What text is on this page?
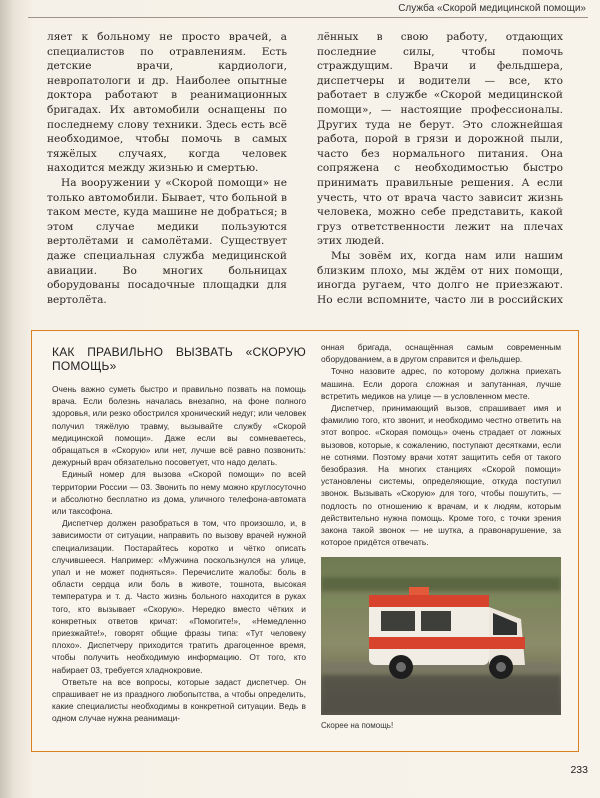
Служба «Скорой медицинской помощи»

ляет к больному не просто врачей, а специалистов по отравлениям. Есть детские врачи, кардиологи, невропатологи и др. Наиболее опытные доктора работают в реанимационных бригадах. Их автомобили оснащены по последнему слову техники. Здесь есть всё необходимое, чтобы помочь в самых тяжёлых случаях, когда человек находится между жизнью и смертью.

На вооружении у «Скорой помощи» не только автомобили. Бывает, что больной в таком месте, куда машине не добраться; в этом случае медики пользуются вертолётами и самолётами. Существует даже специальная служба медицинской авиации. Во многих больницах оборудованы посадочные площадки для вертолёта.

лённых в свою работу, отдающих последние силы, чтобы помочь страждущим. Врачи и фельдшера, диспетчеры и водители — все, кто работает в службе «Скорой медицинской помощи», — настоящие профессионалы. Других туда не берут. Это сложнейшая работа, порой в грязи и дорожной пыли, часто без нормального питания. Она сопряжена с необходимостью быстро принимать правильные решения. А если учесть, что от врача часто зависит жизнь человека, можно себе представить, какой груз ответственности лежит на плечах этих людей.

Мы зовём их, когда нам или нашим близким плохо, мы ждём от них помощи, иногда ругаем, что долго не приезжают. Но если вспомните, часто ли в российских

КАК ПРАВИЛЬНО ВЫЗВАТЬ «СКОРУЮ ПОМОЩЬ»

Очень важно суметь быстро и правильно позвать на помощь врача. Если болезнь началась внезапно, на фоне полного здоровья, или резко обострился хронический недуг; или человек получил тяжёлую травму, вызывайте службу «Скорой медицинской помощи». Даже если вы сомневаетесь, обращаться в «Скорую» или нет, лучше всё равно позвонить: дежурный врач обязательно посоветует, что надо делать.

Единый номер для вызова «Скорой помощи» по всей территории России — 03. Звонить по нему можно круглосуточно и абсолютно бесплатно из дома, уличного телефона-автомата или таксофона.

Диспетчер должен разобраться в том, что произошло, и, в зависимости от ситуации, направить по вызову врачей нужной специализации. Постарайтесь коротко и чётко описать случившееся. Например: «Мужчина поскользнулся на улице, упал и не может подняться». Перечислите жалобы: боль в области сердца или боль в животе, тошнота, высокая температура и т. д. Часто жизнь больного находится в руках того, кто вызывает «Скорую». Нередко вместо чётких и конкретных ответов кричат: «Помогите!», «Немедленно приезжайте!», говорят общие фразы типа: «Тут человеку плохо». Диспетчеру приходится тратить драгоценное время, чтобы получить необходимую информацию. От того, кто набирает 03, требуется хладнокровие.

Ответьте на все вопросы, которые задаст диспетчер. Он спрашивает не из праздного любопытства, а чтобы определить, какие специалисты необходимы в конкретной ситуации. Ведь в одном случае нужна реанимаци-

онная бригада, оснащённая самым современным оборудованием, а в другом справится и фельдшер.

Точно назовите адрес, по которому должна приехать машина. Если дорога сложная и запутанная, лучше встретить медиков на улице — в условленном месте.

Диспетчер, принимающий вызов, спрашивает имя и фамилию того, кто звонит, и необходимо честно ответить на этот вопрос. «Скорая помощь» очень страдает от ложных вызовов, которые, к сожалению, поступают десятками, если не сотнями. Поэтому врачи хотят защитить себя от такого безобразия. На многих станциях «Скорой помощи» установлены системы, определяющие, откуда поступил звонок. Вызывать «Скорую» для того, чтобы пошутить, — подлость по отношению к врачам, и к людям, которым действительно нужна помощь. Кроме того, с точки зрения закона такой звонок — не шутка, а правонарушение, за которое придётся отвечать.

Скорее на помощь!
233
